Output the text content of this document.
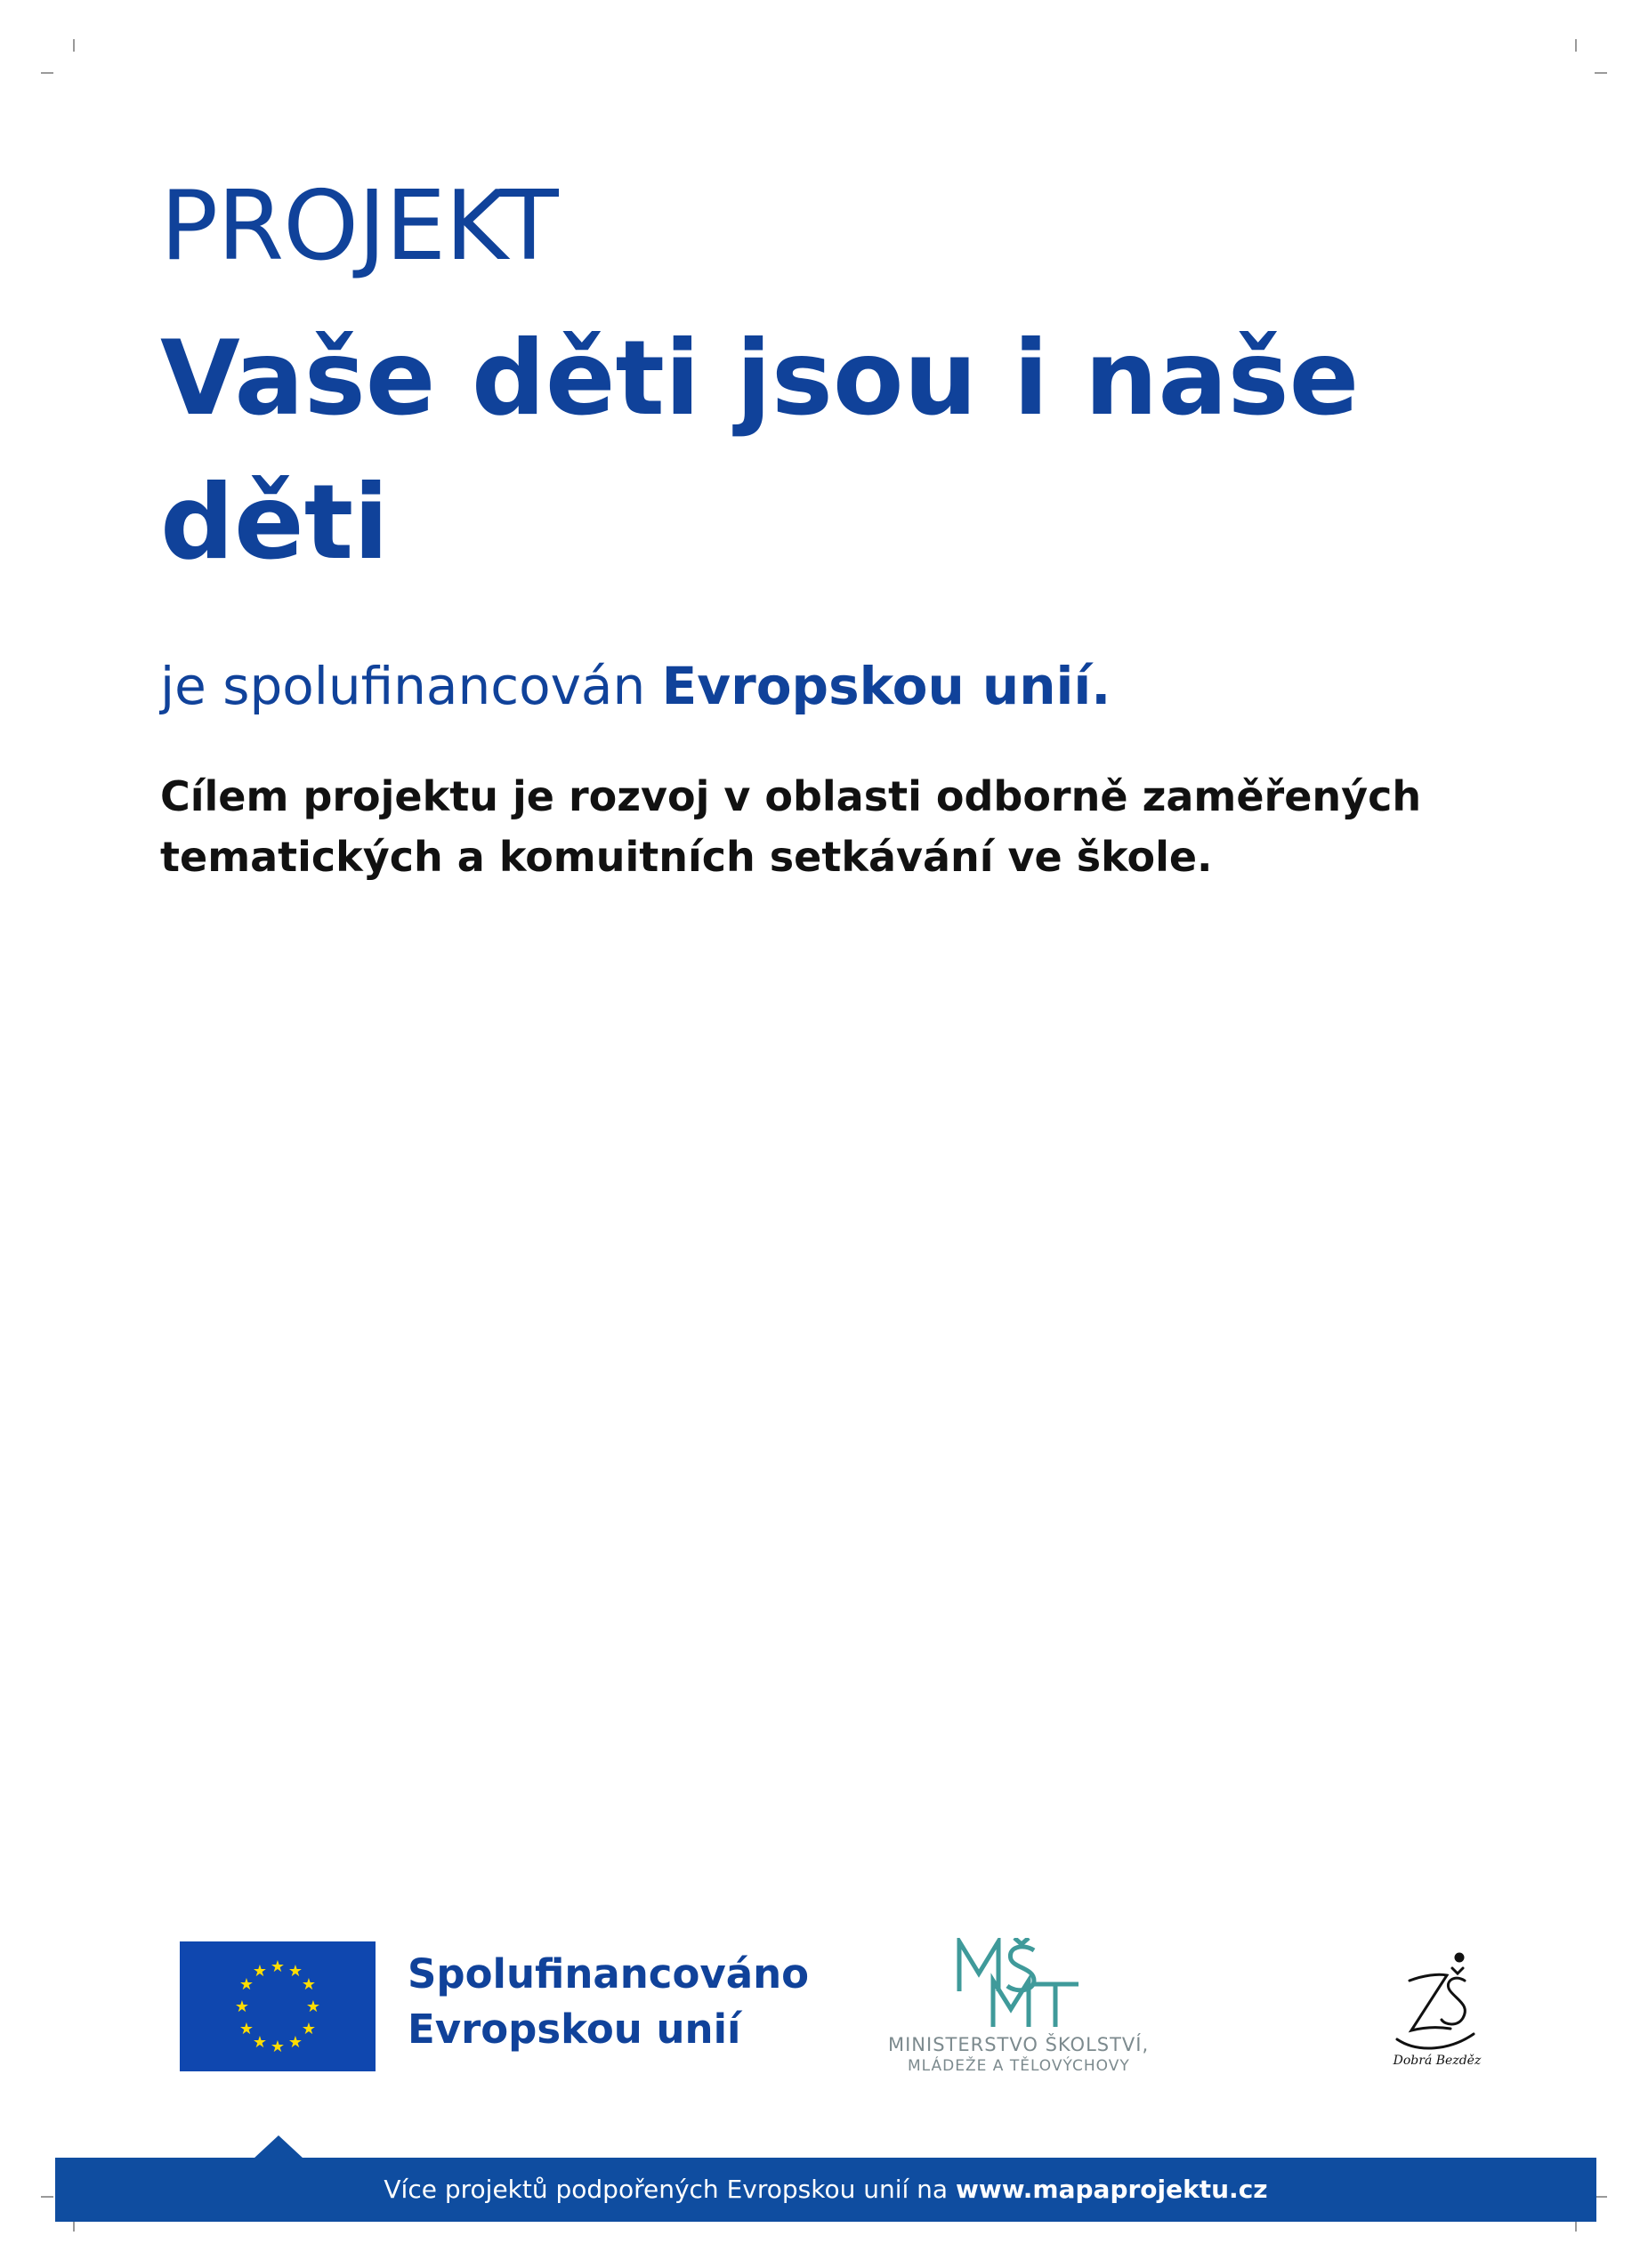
PROJEKT
Vaše děti jsou i naše děti
je spolufinancován Evropskou unií.
Cílem projektu je rozvoj v oblasti odborně zaměřených tematických a komuitních setkávání ve škole.
★ ★
★
★
★
★
★
★
★
★
★
★	Spolufinancováno
Evropskou unií	MINISTERSTVO ŠKOLSTVÍ,
MLÁDEŽE A TĚLOVÝCHOVY	Dobrá Bezděz
Více projektů podpořených Evropskou unií na www.mapaprojektu.cz
